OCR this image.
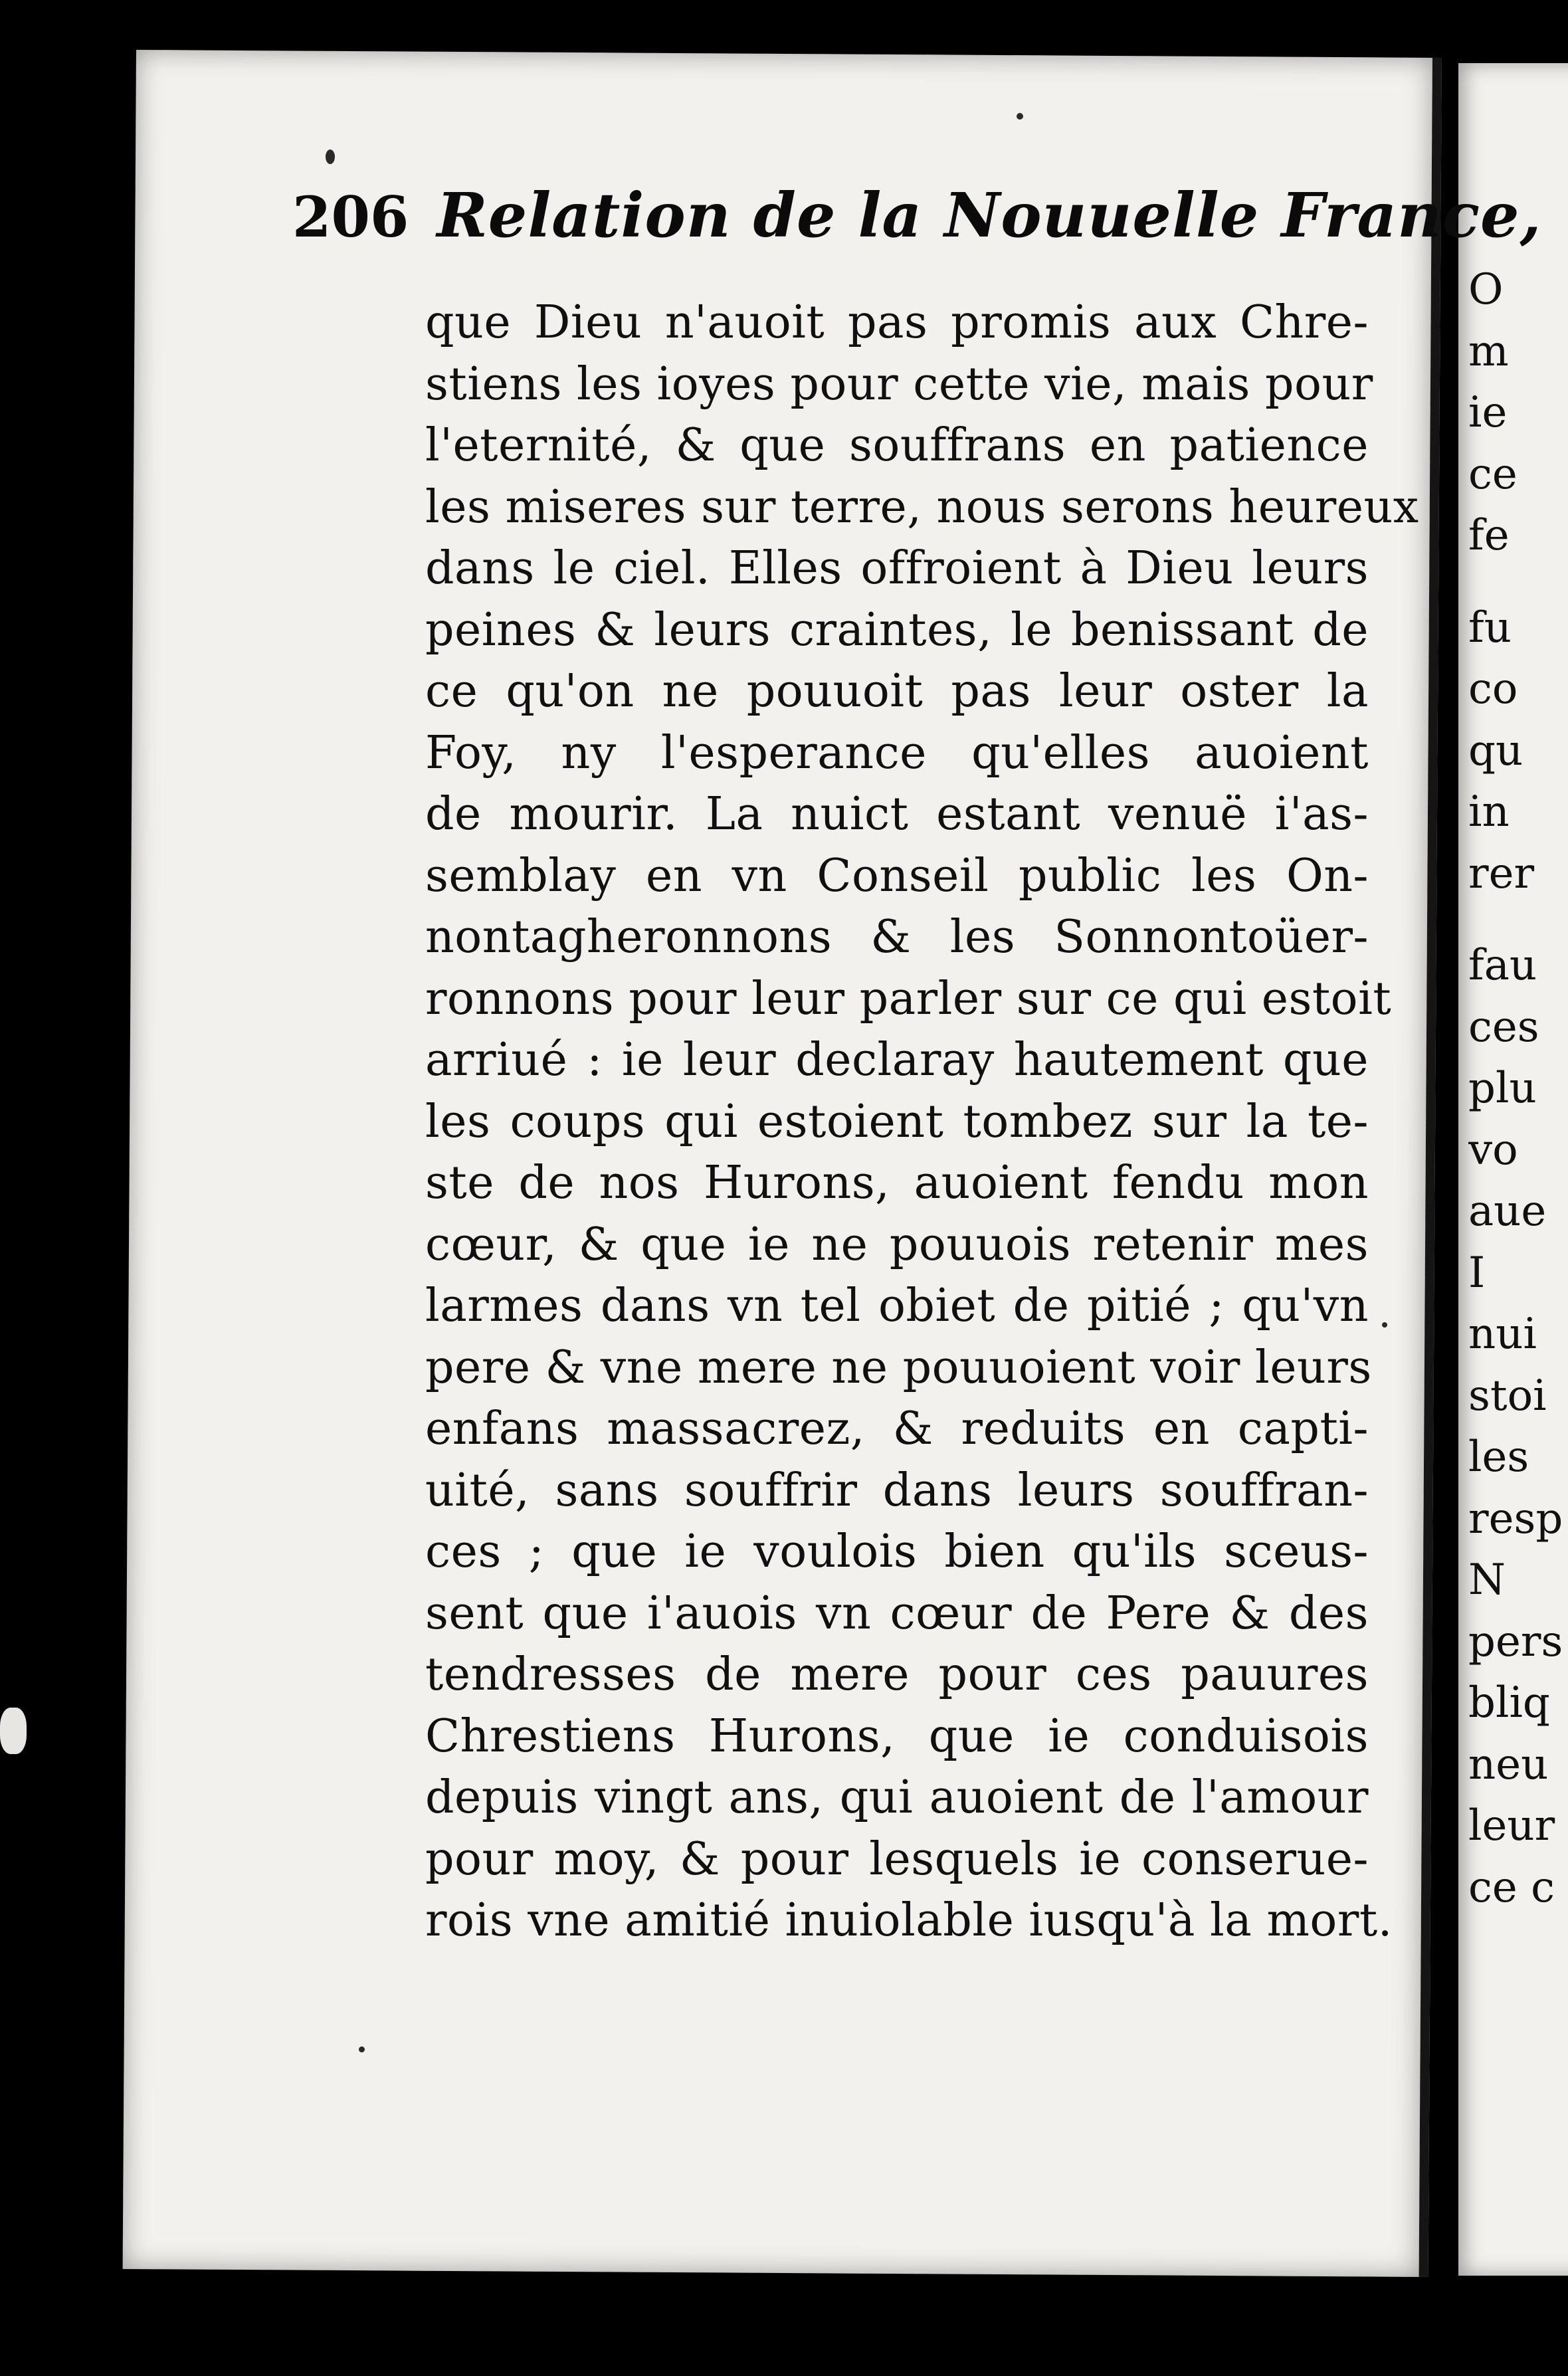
206 Relation de la Nouuelle France,
que Dieu n'auoit pas promis aux Chre-
stiens les ioyes pour cette vie, mais pour
l'eternité, & que souffrans en patience
les miseres sur terre, nous serons heureux
dans le ciel. Elles offroient à Dieu leurs
peines & leurs craintes, le benissant de
ce qu'on ne pouuoit pas leur oster la
Foy, ny l'esperance qu'elles auoient
de mourir. La nuict estant venuë i'as-
semblay en vn Conseil public les On-
nontagheronnons & les Sonnontoüer-
ronnons pour leur parler sur ce qui estoit
arriué : ie leur declaray hautement que
les coups qui estoient tombez sur la te-
ste de nos Hurons, auoient fendu mon
cœur, & que ie ne pouuois retenir mes
larmes dans vn tel obiet de pitié ; qu'vn
pere & vne mere ne pouuoient voir leurs
enfans massacrez, & reduits en capti-
uité, sans souffrir dans leurs souffran-
ces ; que ie voulois bien qu'ils sceus-
sent que i'auois vn cœur de Pere & des
tendresses de mere pour ces pauures
Chrestiens Hurons, que ie conduisois
depuis vingt ans, qui auoient de l'amour
pour moy, & pour lesquels ie conserue-
rois vne amitié inuiolable iusqu'à la mort.
O
m
ie
ce
fe
fu
co
qu
in
rer
fau
ces
plu
vo
aue
I
nui
stoi
les
resp
N
pers
bliq
neu
leur
ce c
